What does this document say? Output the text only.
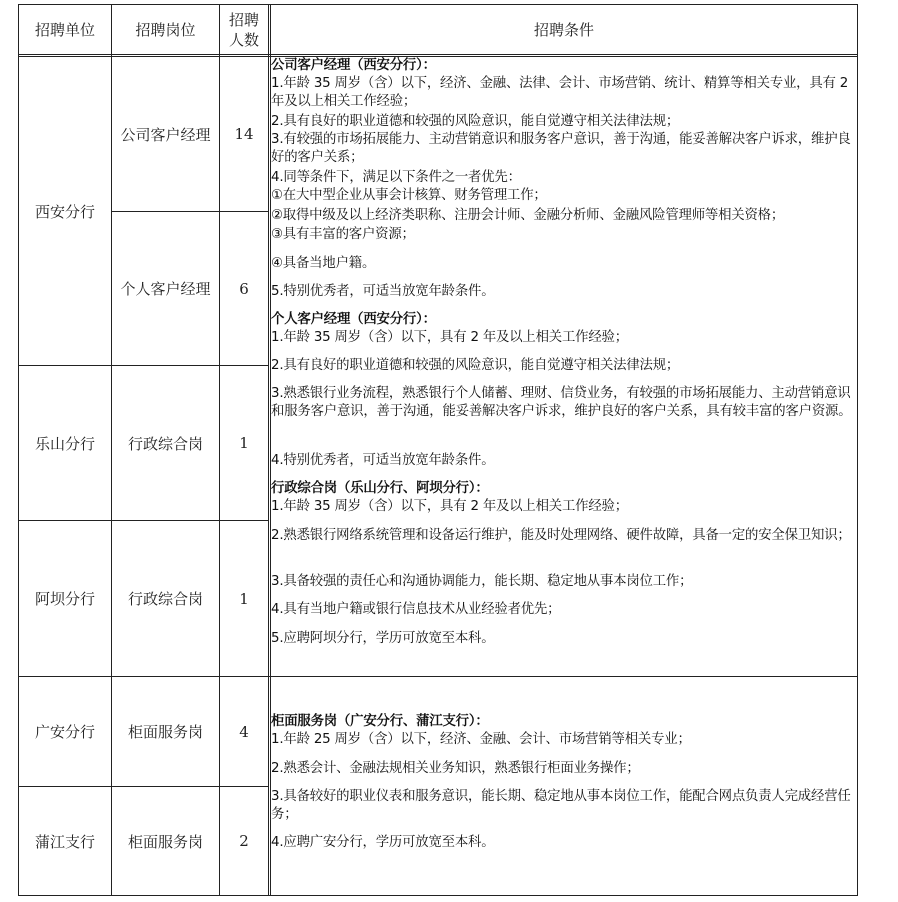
招聘单位	招聘岗位
招聘
人数
招聘条件
西安分行
乐山分行
阿坝分行
广安分行
蒲江支行
公司客户经理
个人客户经理
行政综合岗
行政综合岗
柜面服务岗
柜面服务岗
14
6
1
1
4
2
公司客户经理（西安分行）：
1.年龄 35 周岁（含）以下，经济、金融、法律、会计、市场营销、统计、精算等相关专业，具有 2 年及以上相关工作经验；
2.具有良好的职业道德和较强的风险意识，能自觉遵守相关法律法规；
3.有较强的市场拓展能力、主动营销意识和服务客户意识，善于沟通，能妥善解决客户诉求，维护良好的客户关系；
4.同等条件下，满足以下条件之一者优先：
①在大中型企业从事会计核算、财务管理工作；
②取得中级及以上经济类职称、注册会计师、金融分析师、金融风险管理师等相关资格；
③具有丰富的客户资源；
④具备当地户籍。
5.特别优秀者，可适当放宽年龄条件。
个人客户经理（西安分行）：
1.年龄 35 周岁（含）以下，具有 2 年及以上相关工作经验；
2.具有良好的职业道德和较强的风险意识，能自觉遵守相关法律法规；
3.熟悉银行业务流程，熟悉银行个人储蓄、理财、信贷业务，有较强的市场拓展能力、主动营销意识和服务客户意识，善于沟通，能妥善解决客户诉求，维护良好的客户关系，具有较丰富的客户资源。
4.特别优秀者，可适当放宽年龄条件。
行政综合岗（乐山分行、阿坝分行）：
1.年龄 35 周岁（含）以下，具有 2 年及以上相关工作经验；
2.熟悉银行网络系统管理和设备运行维护，能及时处理网络、硬件故障，具备一定的安全保卫知识；
3.具备较强的责任心和沟通协调能力，能长期、稳定地从事本岗位工作；
4.具有当地户籍或银行信息技术从业经验者优先；
5.应聘阿坝分行，学历可放宽至本科。
柜面服务岗（广安分行、蒲江支行）：
1.年龄 25 周岁（含）以下，经济、金融、会计、市场营销等相关专业；
2.熟悉会计、金融法规相关业务知识，熟悉银行柜面业务操作；
3.具备较好的职业仪表和服务意识，能长期、稳定地从事本岗位工作，能配合网点负责人完成经营任务；
4.应聘广安分行，学历可放宽至本科。
